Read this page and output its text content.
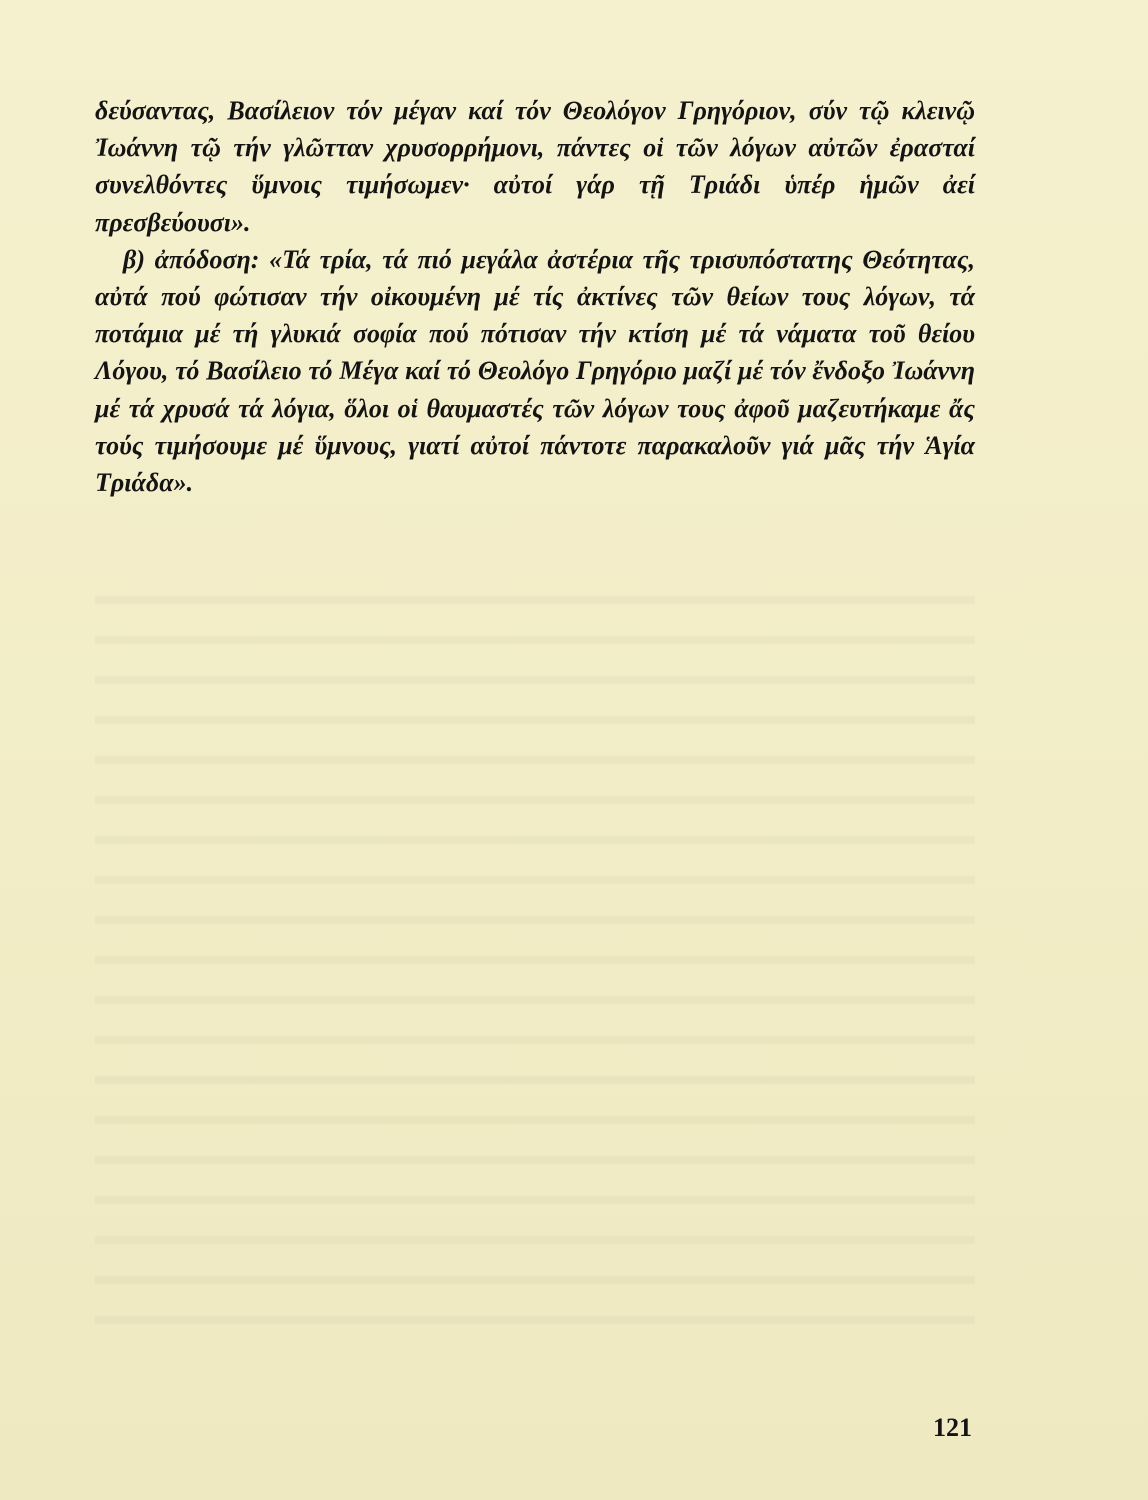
δεύσαντας, Βασίλειον τόν μέγαν καί τόν Θεολόγον Γρηγόριον, σύν τῷ κλεινῷ Ἰωάννη τῷ τήν γλῶτταν χρυσορρήμονι, πάντες οἱ τῶν λόγων αὐτῶν ἐρασταί συνελθόντες ὕμνοις τιμήσωμεν· αὐτοί γάρ τῇ Τριάδι ὑπέρ ἡμῶν ἀεί πρεσβεύουσι».

β) ἀπόδοση: «Τά τρία, τά πιό μεγάλα ἀστέρια τῆς τρισυπόστατης Θεότητας, αὐτά πού φώτισαν τήν οἰκουμένη μέ τίς ἀκτίνες τῶν θείων τους λόγων, τά ποτάμια μέ τή γλυκιά σοφία πού πότισαν τήν κτίση μέ τά νάματα τοῦ θείου Λόγου, τό Βασίλειο τό Μέγα καί τό Θεολόγο Γρηγόριο μαζί μέ τόν ἔνδοξο Ἰωάννη μέ τά χρυσά τά λόγια, ὅλοι οἱ θαυμαστές τῶν λόγων τους ἀφοῦ μαζευτήκαμε ἄς τούς τιμήσουμε μέ ὕμνους, γιατί αὐτοί πάντοτε παρακαλοῦν γιά μᾶς τήν Ἁγία Τριάδα».

121
